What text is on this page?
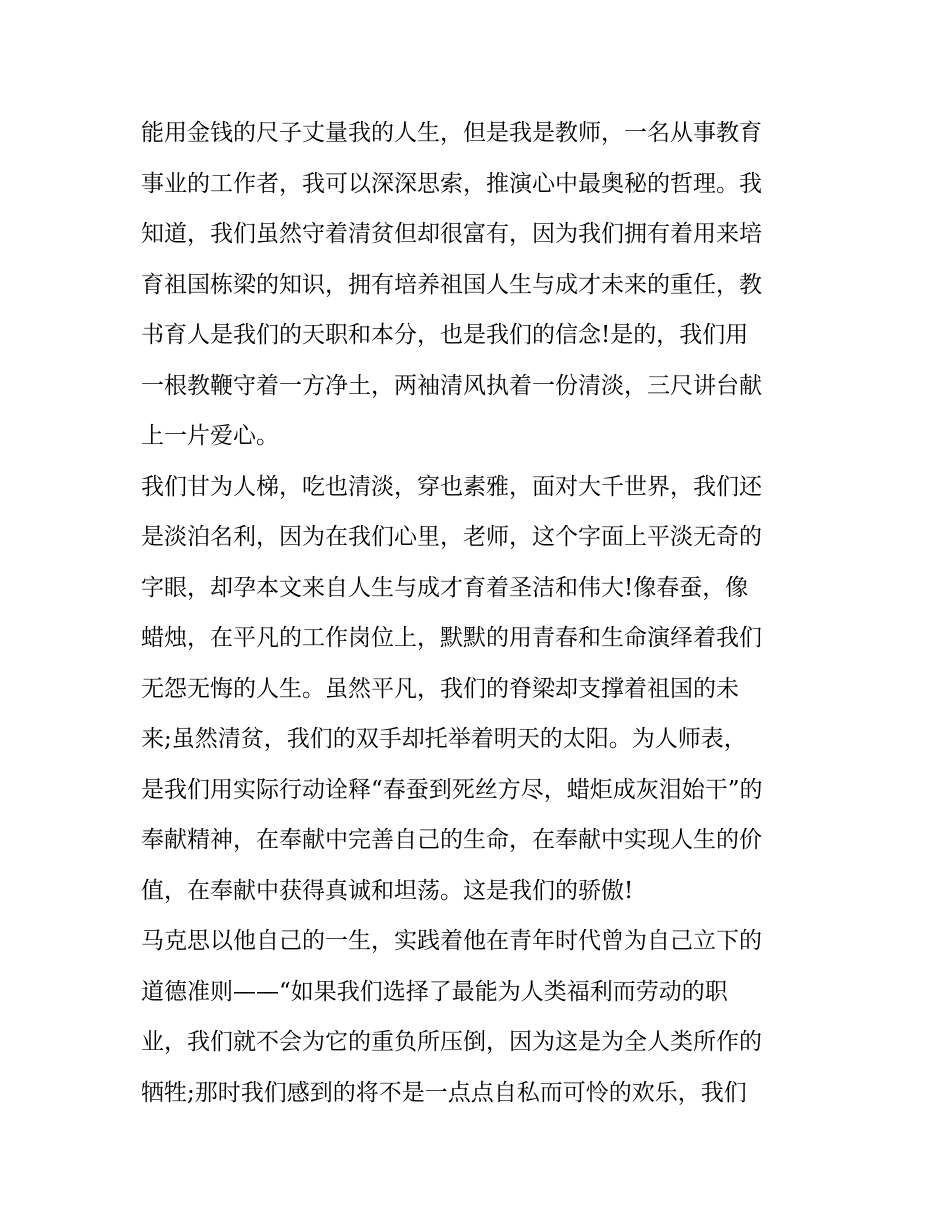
能用金钱的尺子丈量我的人生，但是我是教师，一名从事教育
事业的工作者，我可以深深思索，推演心中最奥秘的哲理。我
知道，我们虽然守着清贫但却很富有，因为我们拥有着用来培
育祖国栋梁的知识，拥有培养祖国人生与成才未来的重任，教
书育人是我们的天职和本分，也是我们的信念!是的，我们用
一根教鞭守着一方净土，两袖清风执着一份清淡，三尺讲台献
上一片爱心。
我们甘为人梯，吃也清淡，穿也素雅，面对大千世界，我们还
是淡泊名利，因为在我们心里，老师，这个字面上平淡无奇的
字眼，却孕本文来自人生与成才育着圣洁和伟大!像春蚕，像
蜡烛，在平凡的工作岗位上，默默的用青春和生命演绎着我们
无怨无悔的人生。虽然平凡，我们的脊梁却支撑着祖国的未
来;虽然清贫，我们的双手却托举着明天的太阳。为人师表，
是我们用实际行动诠释“春蚕到死丝方尽，蜡炬成灰泪始干”的
奉献精神，在奉献中完善自己的生命，在奉献中实现人生的价
值，在奉献中获得真诚和坦荡。这是我们的骄傲!
马克思以他自己的一生，实践着他在青年时代曾为自己立下的
道德准则——“如果我们选择了最能为人类福利而劳动的职
业，我们就不会为它的重负所压倒，因为这是为全人类所作的
牺牲;那时我们感到的将不是一点点自私而可怜的欢乐，我们
